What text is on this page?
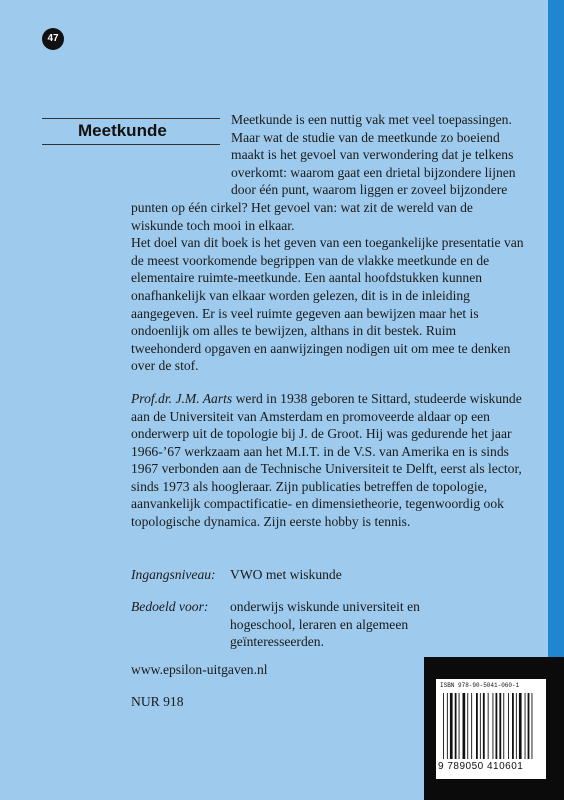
47
Meetkunde

Meetkunde is een nuttig vak met veel toepassingen. Maar wat de studie van de meetkunde zo boeiend maakt is het gevoel van verwondering dat je telkens overkomt: waarom gaat een drietal bijzondere lijnen door één punt, waarom liggen er zoveel bijzondere punten op één cirkel? Het gevoel van: wat zit de wereld van de wiskunde toch mooi in elkaar.

Het doel van dit boek is het geven van een toegankelijke presentatie van de meest voorkomende begrippen van de vlakke meetkunde en de elementaire ruimte-meetkunde. Een aantal hoofdstukken kunnen onafhankelijk van elkaar worden gelezen, dit is in de inleiding aangegeven. Er is veel ruimte gegeven aan bewijzen maar het is ondoenlijk om alles te bewijzen, althans in dit bestek. Ruim tweehonderd opgaven en aanwijzingen nodigen uit om mee te denken over de stof.

Prof.dr. J.M. Aarts werd in 1938 geboren te Sittard, studeerde wiskunde aan de Universiteit van Amsterdam en promoveerde aldaar op een onderwerp uit de topologie bij J. de Groot. Hij was gedurende het jaar 1966-’67 werkzaam aan het M.I.T. in de V.S. van Amerika en is sinds 1967 verbonden aan de Technische Universiteit te Delft, eerst als lector, sinds 1973 als hoogleraar. Zijn publicaties betreffen de topologie, aanvankelijk compactificatie- en dimensietheorie, tegenwoordig ook topologische dynamica. Zijn eerste hobby is tennis.

Ingangsniveau: VWO met wiskunde
Bedoeld voor: onderwijs wiskunde universiteit en
hogeschool, leraren en algemeen
geïnteresseerden.
www.epsilon-uitgaven.nl
NUR 918
ISBN 978-90-5041-060-1
9 789050 410601
